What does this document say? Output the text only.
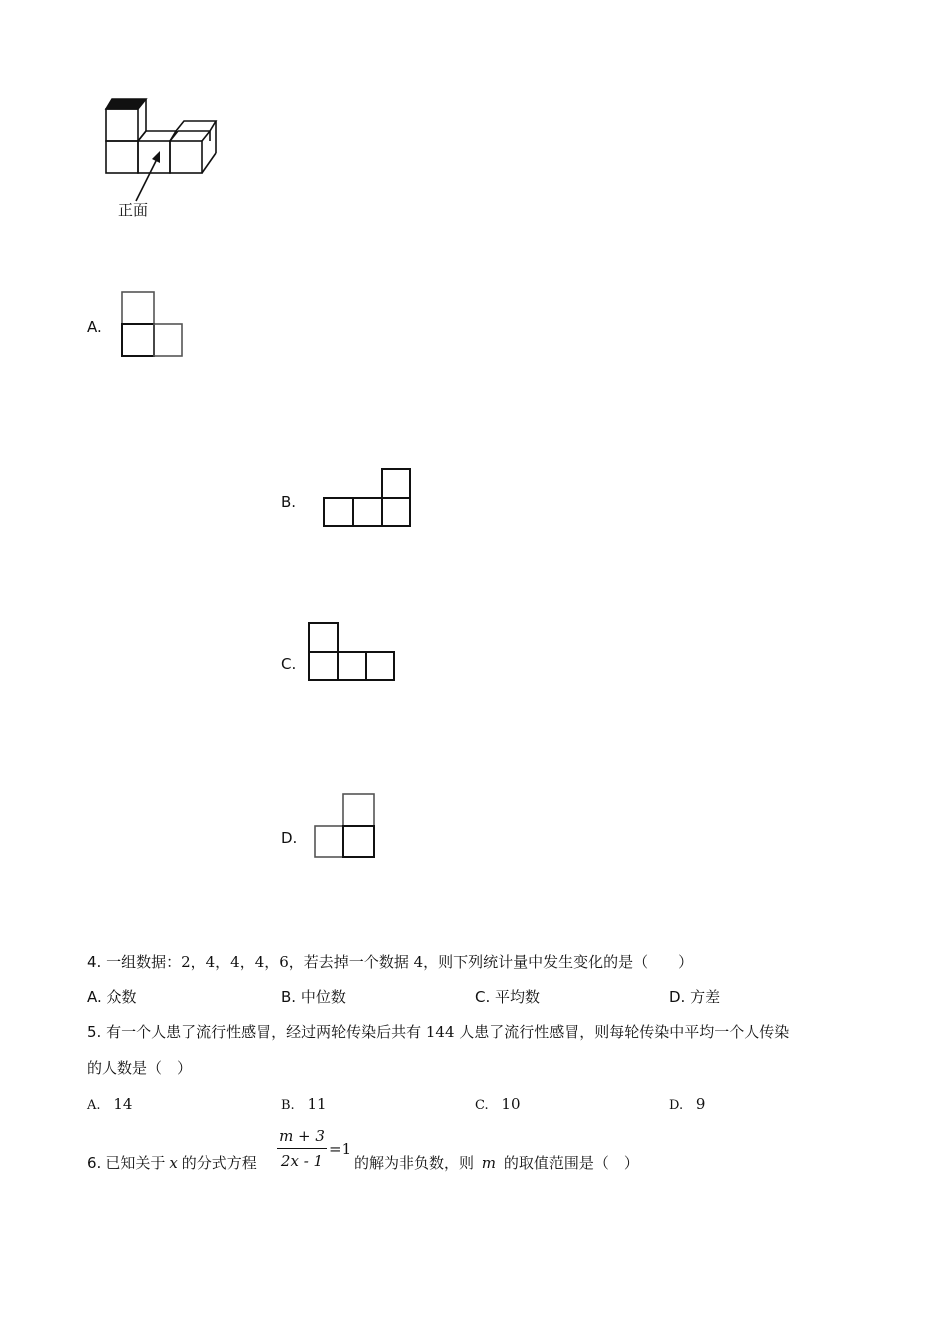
正面
A.
B.
C.
D.
4. 一组数据：2，4，4，4，6，若去掉一个数据 4，则下列统计量中发生变化的是（　　）
A. 众数	B. 中位数	C. 平均数	D. 方差
5. 有一个人患了流行性感冒，经过两轮传染后共有 144 人患了流行性感冒，则每轮传染中平均一个人传染
的人数是（　）
A. 14	B. 11	C. 10	D. 9
6. 已知关于 x 的分式方程
m + 3
2x - 1
=1
的解为非负数，则 m 的取值范围是（　）
